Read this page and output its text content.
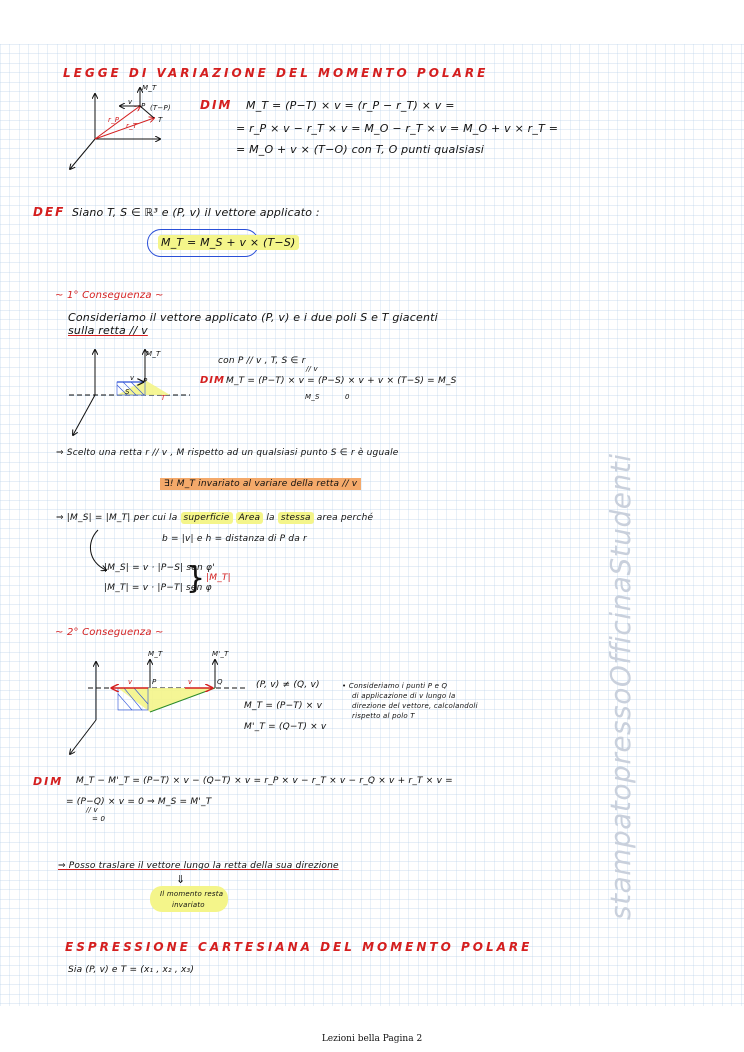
stampatopressoOfficinaStudenti
LEGGE DI VARIAZIONE DEL MOMENTO POLARE
M_T
P
v
(T−P)
r_P
r_T
T
DIM M_T = (P−T) × v = (r_P − r_T) × v =
= r_P × v − r_T × v = M_O − r_T × v = M_O + v × r_T =
= M_O + v × (T−O) con T, O punti qualsiasi
DEF Siano T, S ∈ ℝ³ e (P, v) il vettore applicato :
M_T = M_S + v × (T−S)
~ 1° Conseguenza ~
Consideriamo il vettore applicato (P, v) e i due poli S e T giacenti
sulla retta // v
M_T
v
S
P
T
con P // v , T, S ∈ r
DIM M_T = (P−T) × v = (P−S) × v + v × (T−S) = M_S
// v
M_S	0
⇒ Scelto una retta r // v , M rispetto ad un qualsiasi punto S ∈ r è uguale
∃! M_T invariato al variare della retta // v
⇒ |M_S| = |M_T| per cui la superficie Area la stessa area perché
b = |v| e h = distanza di P da r
|M_S| = v · |P−S| sen φ'
|M_T| = v · |P−T| sen φ
} |M_T|
~ 2° Conseguenza ~
M_T	M'_T
v	v
P	Q	(P, v) ≠ (Q, v)
M_T = (P−T) × v
M'_T = (Q−T) × v
• Consideriamo i punti P e Q
di applicazione di v lungo la
direzione del vettore, calcolandoli
rispetto al polo T
DIM M_T − M'_T = (P−T) × v − (Q−T) × v = r_P × v − r_T × v − r_Q × v + r_T × v =
= (P−Q) × v = 0 ⇒ M_S = M'_T
// v
= 0
⇒ Posso traslare il vettore lungo la retta della sua direzione
⇓
Il momento resta
invariato
ESPRESSIONE CARTESIANA DEL MOMENTO POLARE
Sia (P, v) e T = (x₁ , x₂ , x₃)
Lezioni bella Pagina 2
